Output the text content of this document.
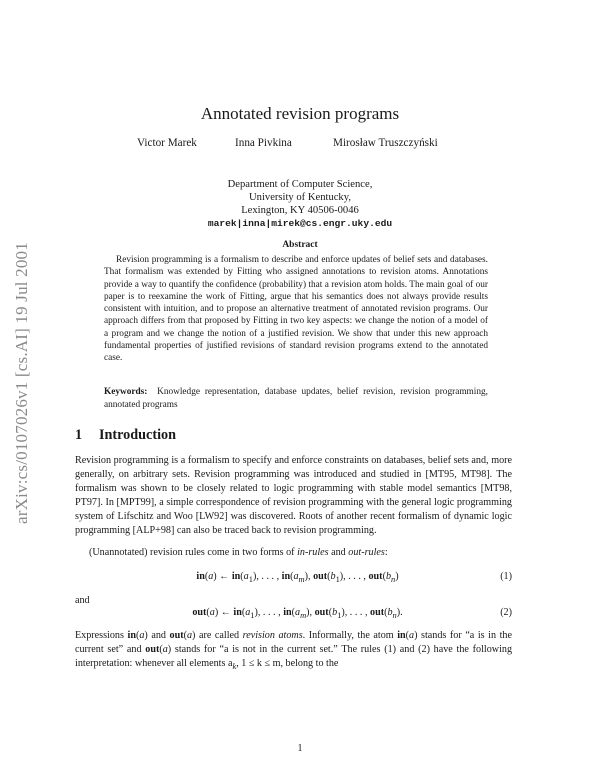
arXiv:cs/0107026v1 [cs.AI] 19 Jul 2001
Annotated revision programs
Victor Marek	Inna Pivkina	Mirosław Truszczyński
Department of Computer Science,
University of Kentucky,
Lexington, KY 40506-0046
marek|inna|mirek@cs.engr.uky.edu
Abstract

Revision programming is a formalism to describe and enforce updates of belief sets and databases. That formalism was extended by Fitting who assigned annotations to revision atoms. Annotations provide a way to quantify the confidence (probability) that a revision atom holds. The main goal of our paper is to reexamine the work of Fitting, argue that his semantics does not always provide results consistent with intuition, and to propose an alternative treatment of annotated revision programs. Our approach differs from that proposed by Fitting in two key aspects: we change the notion of a model of a program and we change the notion of a justified revision. We show that under this new approach fundamental properties of justified revisions of standard revision programs extend to the annotated case.

Keywords: Knowledge representation, database updates, belief revision, revision programming, annotated programs

1 Introduction

Revision programming is a formalism to specify and enforce constraints on databases, belief sets and, more generally, on arbitrary sets. Revision programming was introduced and studied in [MT95, MT98]. The formalism was shown to be closely related to logic programming with stable model semantics [MT98, PT97]. In [MPT99], a simple correspondence of revision programming with the general logic programming system of Lifschitz and Woo [LW92] was discovered. Roots of another recent formalism of dynamic logic programming [ALP+98] can also be traced back to revision programming.

(Unannotated) revision rules come in two forms of in-rules and out-rules:

in(a) ← $in(a_1)$, . . . , $in(a_m)$, $out(b_1)$, . . . , $out(b_n)$	(1)
and
out(a) ← $in(a_1)$, . . . , $in(a_m)$, $out(b_1)$, . . . , $out(b_n)$.	(2)

Expressions in(a) and out(a) are called revision atoms. Informally, the atom in(a) stands for “a is in the current set” and out(a) stands for “a is not in the current set.” The rules (1) and (2) have the following interpretation: whenever all elements $a_k$, 1 ≤ k ≤ m, belong to the

1
